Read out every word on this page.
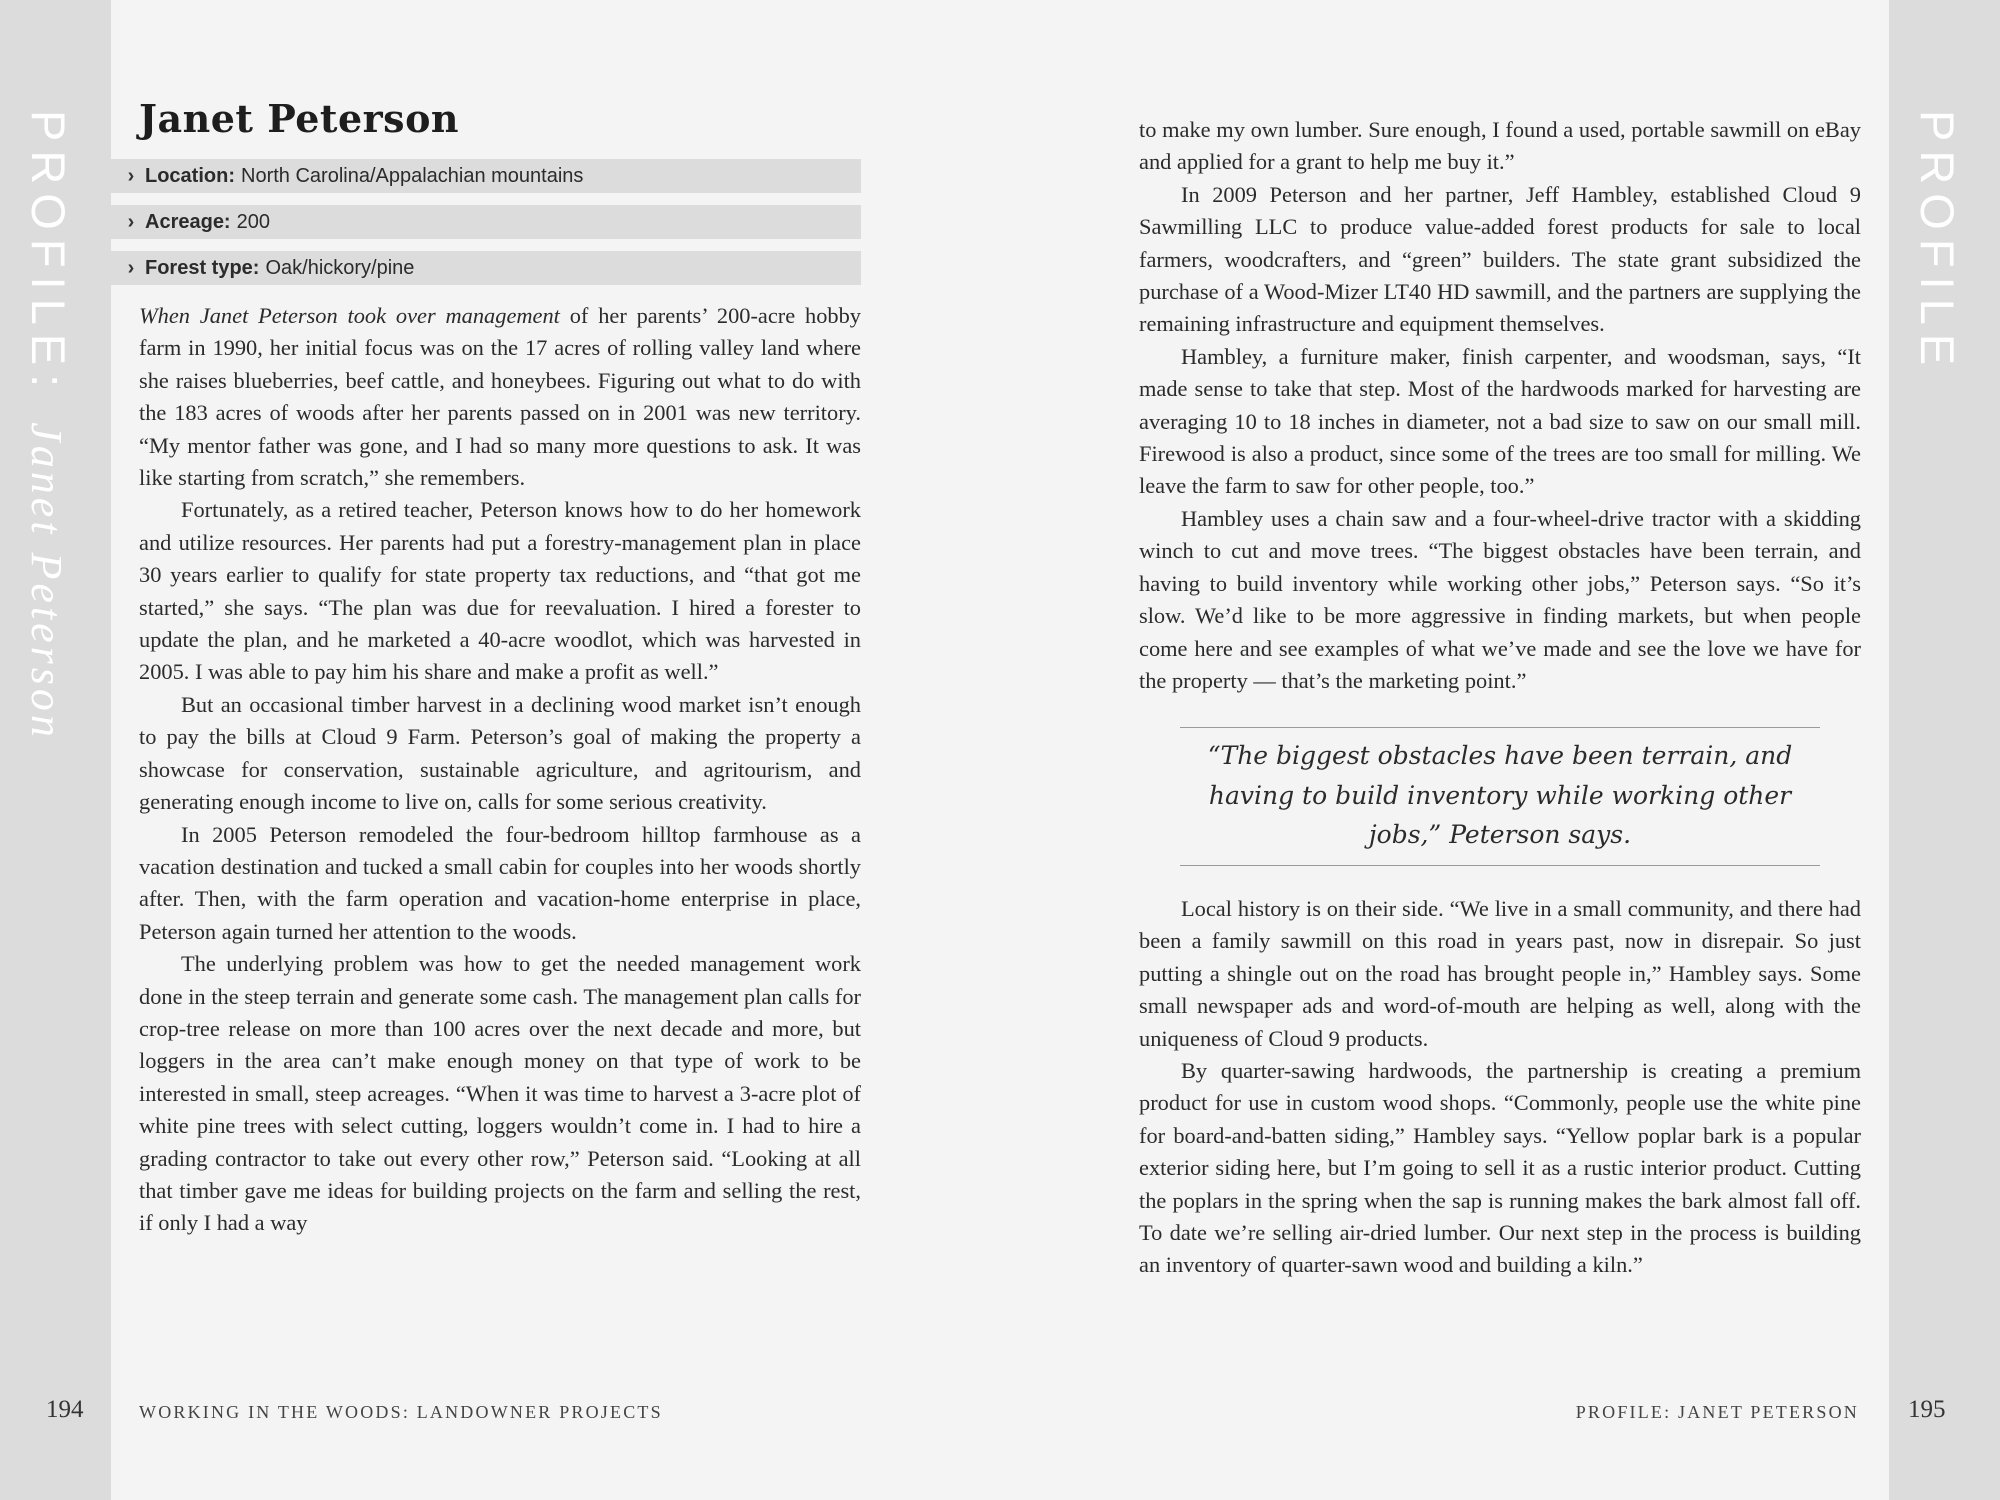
PROFILE:Janet Peterson
PROFILE
Janet Peterson
› Location: North Carolina/Appalachian mountains
› Acreage: 200
› Forest type: Oak/hickory/pine

When Janet Peterson took over management of her parents’ 200-acre hobby farm in 1990, her initial focus was on the 17 acres of rolling valley land where she raises blueberries, beef cattle, and honeybees. Figuring out what to do with the 183 acres of woods after her parents passed on in 2001 was new territory. “My mentor father was gone, and I had so many more questions to ask. It was like starting from scratch,” she remembers.

Fortunately, as a retired teacher, Peterson knows how to do her homework and utilize resources. Her parents had put a forestry-management plan in place 30 years earlier to qualify for state property tax reductions, and “that got me started,” she says. “The plan was due for reevaluation. I hired a forester to update the plan, and he marketed a 40-acre woodlot, which was harvested in 2005. I was able to pay him his share and make a profit as well.”

But an occasional timber harvest in a declining wood market isn’t enough to pay the bills at Cloud 9 Farm. Peterson’s goal of making the property a showcase for conservation, sustainable agriculture, and agritourism, and generating enough income to live on, calls for some serious creativity.

In 2005 Peterson remodeled the four-bedroom hilltop farmhouse as a vacation destination and tucked a small cabin for couples into her woods shortly after. Then, with the farm operation and vacation-home enterprise in place, Peterson again turned her attention to the woods.

The underlying problem was how to get the needed management work done in the steep terrain and generate some cash. The management plan calls for crop-tree release on more than 100 acres over the next decade and more, but loggers in the area can’t make enough money on that type of work to be interested in small, steep acreages. “When it was time to harvest a 3-acre plot of white pine trees with select cutting, loggers wouldn’t come in. I had to hire a grading contractor to take out every other row,” Peterson said. “Looking at all that timber gave me ideas for building projects on the farm and selling the rest, if only I had a way

to make my own lumber. Sure enough, I found a used, portable sawmill on eBay and applied for a grant to help me buy it.”

In 2009 Peterson and her partner, Jeff Hambley, established Cloud 9 Sawmilling LLC to produce value-added forest products for sale to local farmers, woodcrafters, and “green” builders. The state grant subsidized the purchase of a Wood-Mizer LT40 HD sawmill, and the partners are supplying the remaining infrastructure and equipment themselves.

Hambley, a furniture maker, finish carpenter, and woodsman, says, “It made sense to take that step. Most of the hardwoods marked for harvesting are averaging 10 to 18 inches in diameter, not a bad size to saw on our small mill. Firewood is also a product, since some of the trees are too small for milling. We leave the farm to saw for other people, too.”

Hambley uses a chain saw and a four-wheel-drive tractor with a skidding winch to cut and move trees. “The biggest obstacles have been terrain, and having to build inventory while working other jobs,” Peterson says. “So it’s slow. We’d like to be more aggressive in finding markets, but when people come here and see examples of what we’ve made and see the love we have for the property — that’s the marketing point.”

“The biggest obstacles have been terrain, and having to build inventory while working other jobs,” Peterson says.

Local history is on their side. “We live in a small community, and there had been a family sawmill on this road in years past, now in disrepair. So just putting a shingle out on the road has brought people in,” Hambley says. Some small newspaper ads and word-of-mouth are helping as well, along with the uniqueness of Cloud 9 products.

By quarter-sawing hardwoods, the partnership is creating a premium product for use in custom wood shops. “Commonly, people use the white pine for board-and-batten siding,” Hambley says. “Yellow poplar bark is a popular exterior siding here, but I’m going to sell it as a rustic interior product. Cutting the poplars in the spring when the sap is running makes the bark almost fall off. To date we’re selling air-dried lumber. Our next step in the process is building an inventory of quarter-sawn wood and building a kiln.”

194	WORKING IN THE WOODS: LANDOWNER PROJECTS	PROFILE: JANET PETERSON 195
